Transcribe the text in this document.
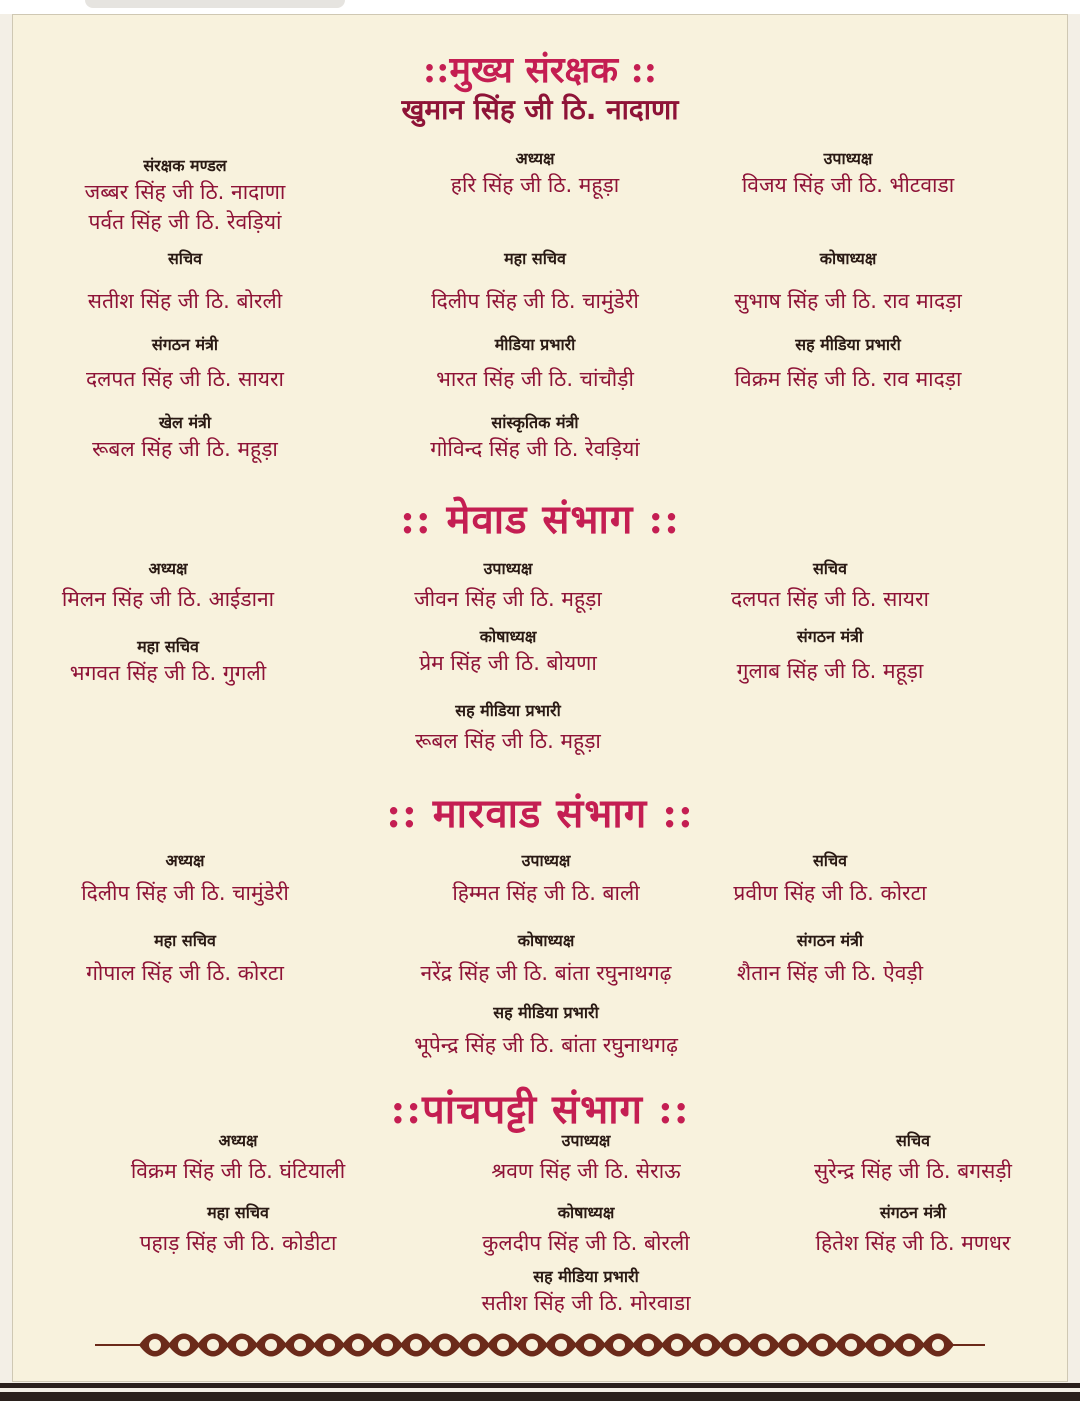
::मुख्य संरक्षक ::
खुमान सिंह जी ठि. नादाणा
संरक्षक मण्डल
जब्बर सिंह जी ठि. नादाणा
पर्वत सिंह जी ठि. रेवड़ियां
अध्यक्ष
हरि सिंह जी ठि. महूड़ा
उपाध्यक्ष
विजय सिंह जी ठि. भीटवाडा
सचिव
सतीश सिंह जी ठि. बोरली
महा सचिव
दिलीप सिंह जी ठि. चामुंडेरी
कोषाध्यक्ष
सुभाष सिंह जी ठि. राव मादड़ा
संगठन मंत्री
दलपत सिंह जी ठि. सायरा
मीडिया प्रभारी
भारत सिंह जी ठि. चांचौड़ी
सह मीडिया प्रभारी
विक्रम सिंह जी ठि. राव मादड़ा
खेल मंत्री
रूबल सिंह जी ठि. महूड़ा
सांस्कृतिक मंत्री
गोविन्द सिंह जी ठि. रेवड़ियां
:: मेवाड संभाग ::
अध्यक्ष
मिलन सिंह जी ठि. आईडाना
उपाध्यक्ष
जीवन सिंह जी ठि. महूड़ा
सचिव
दलपत सिंह जी ठि. सायरा
महा सचिव
भगवत सिंह जी ठि. गुगली
कोषाध्यक्ष
प्रेम सिंह जी ठि. बोयणा
संगठन मंत्री
गुलाब सिंह जी ठि. महूड़ा
सह मीडिया प्रभारी
रूबल सिंह जी ठि. महूड़ा
:: मारवाड संभाग ::
अध्यक्ष
दिलीप सिंह जी ठि. चामुंडेरी
उपाध्यक्ष
हिम्मत सिंह जी ठि. बाली
सचिव
प्रवीण सिंह जी ठि. कोरटा
महा सचिव
गोपाल सिंह जी ठि. कोरटा
कोषाध्यक्ष
नरेंद्र सिंह जी ठि. बांता रघुनाथगढ़
संगठन मंत्री
शैतान सिंह जी ठि. ऐवड़ी
सह मीडिया प्रभारी
भूपेन्द्र सिंह जी ठि. बांता रघुनाथगढ़
::पांचपट्टी संभाग ::
अध्यक्ष
विक्रम सिंह जी ठि. घंटियाली
उपाध्यक्ष
श्रवण सिंह जी ठि. सेराऊ
सचिव
सुरेन्द्र सिंह जी ठि. बगसड़ी
महा सचिव
पहाड़ सिंह जी ठि. कोडीटा
कोषाध्यक्ष
कुलदीप सिंह जी ठि. बोरली
संगठन मंत्री
हितेश सिंह जी ठि. मणधर
सह मीडिया प्रभारी
सतीश सिंह जी ठि. मोरवाडा
